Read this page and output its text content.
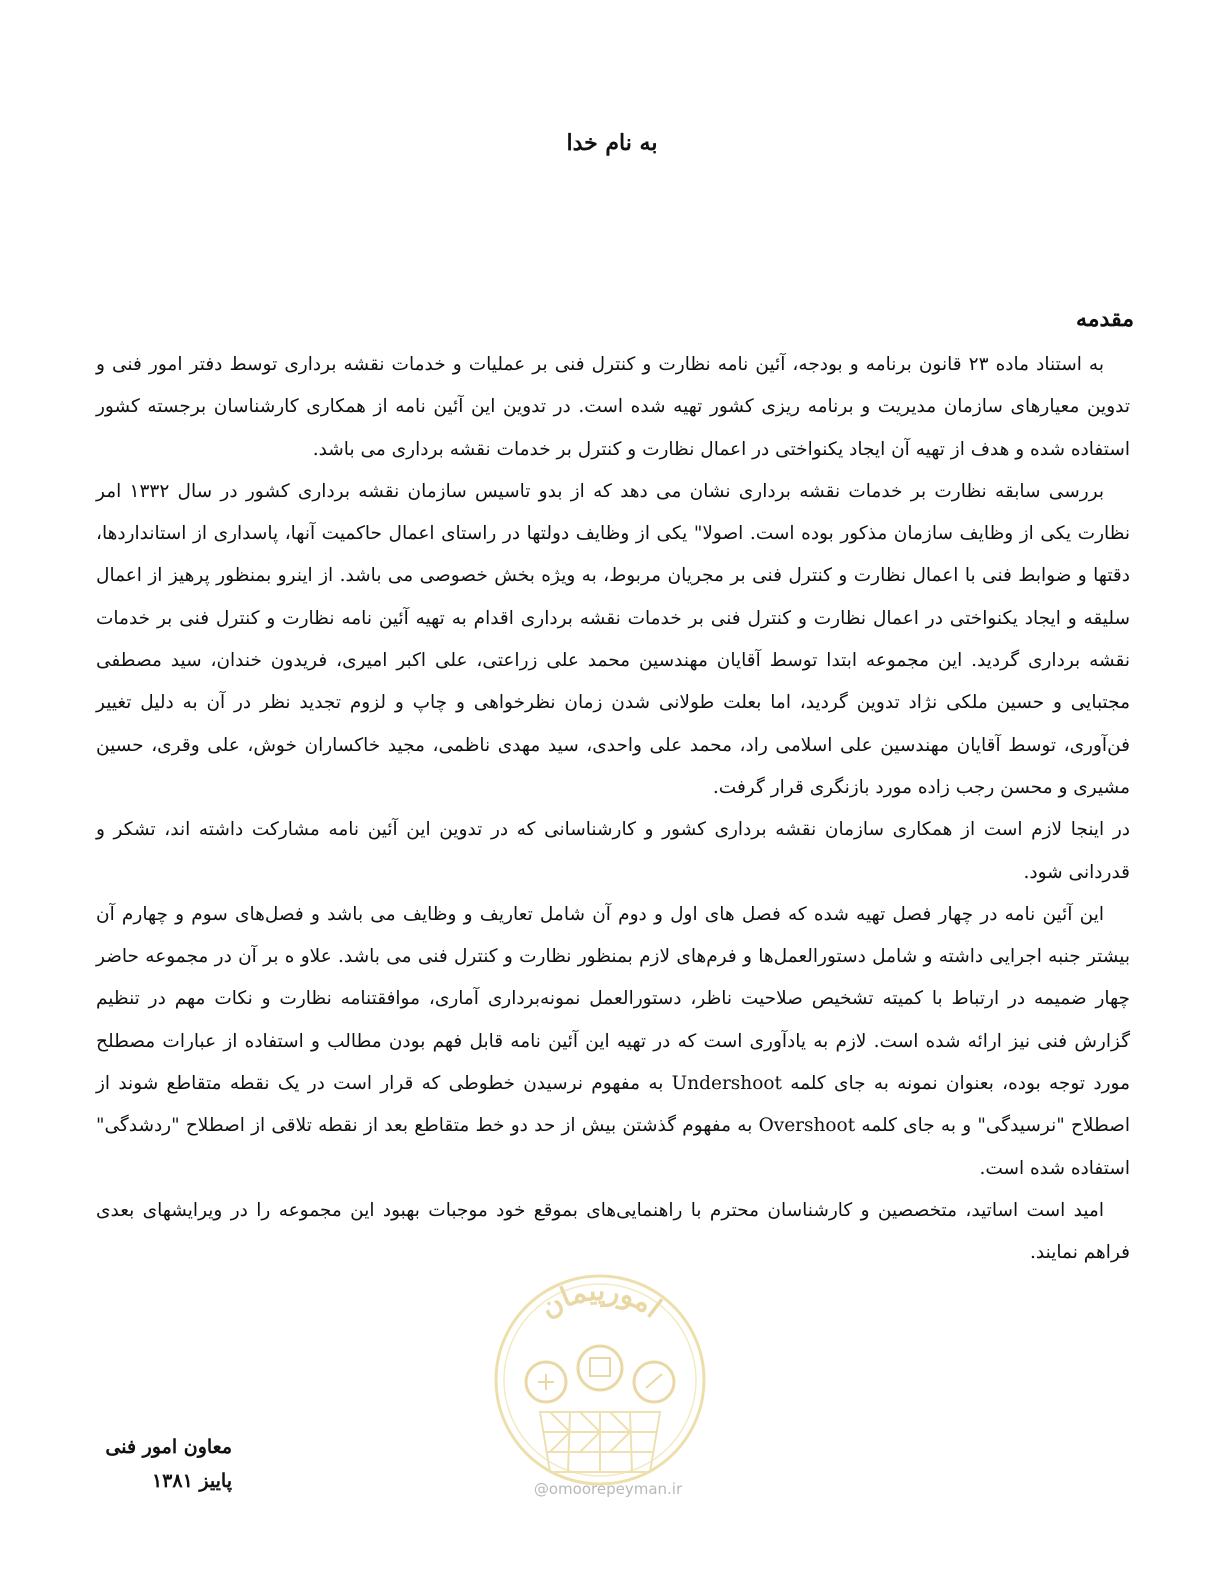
به نام خدا
مقدمه

به استناد ماده ۲۳ قانون برنامه و بودجه، آئین نامه نظارت و کنترل فنی بر عملیات و خدمات نقشه برداری توسط دفتر امور فنی و تدوین معیارهای سازمان مدیریت و برنامه ریزی کشور تهیه شده است. در تدوین این آئین نامه از همکاری کارشناسان برجسته کشور استفاده شده و هدف از تهیه آن ایجاد یکنواختی در اعمال نظارت و کنترل بر خدمات نقشه برداری می باشد.

بررسی سابقه نظارت بر خدمات نقشه برداری نشان می دهد که از بدو تاسیس سازمان نقشه برداری کشور در سال ۱۳۳۲ امر نظارت یکی از وظایف سازمان مذکور بوده است. اصولا" یکی از وظایف دولتها در راستای اعمال حاکمیت آنها، پاسداری از استانداردها، دقتها و ضوابط فنی با اعمال نظارت و کنترل فنی بر مجریان مربوط، به ویژه بخش خصوصی می باشد. از اینرو بمنظور پرهیز از اعمال سلیقه و ایجاد یکنواختی در اعمال نظارت و کنترل فنی بر خدمات نقشه برداری اقدام به تهیه آئین نامه نظارت و کنترل فنی بر خدمات نقشه برداری گردید. این مجموعه ابتدا توسط آقایان مهندسین محمد علی زراعتی، علی اکبر امیری، فریدون خندان، سید مصطفی مجتبایی و حسین ملکی نژاد تدوین گردید، اما بعلت طولانی شدن زمان نظرخواهی و چاپ و لزوم تجدید نظر در آن به دلیل تغییر فن‌آوری، توسط آقایان مهندسین علی اسلامی راد، محمد علی واحدی، سید مهدی ناظمی، مجید خاکساران خوش، علی وقری، حسین مشیری و محسن رجب زاده مورد بازنگری قرار گرفت.

در اینجا لازم است از همکاری سازمان نقشه برداری کشور و کارشناسانی که در تدوین این آئین نامه مشارکت داشته اند، تشکر و قدردانی شود.

این آئین نامه در چهار فصل تهیه شده که فصل های اول و دوم آن شامل تعاریف و وظایف می باشد و فصل‌های سوم و چهارم آن بیشتر جنبه اجرایی داشته و شامل دستورالعمل‌ها و فرم‌های لازم بمنظور نظارت و کنترل فنی می باشد. علاو ه بر آن در مجموعه حاضر چهار ضمیمه در ارتباط با کمیته تشخیص صلاحیت ناظر، دستورالعمل نمونه‌برداری آماری، موافقتنامه نظارت و نکات مهم در تنظیم گزارش فنی نیز ارائه شده است. لازم به یادآوری است که در تهیه این آئین نامه قابل فهم بودن مطالب و استفاده از عبارات مصطلح مورد توجه بوده، بعنوان نمونه به جای کلمه Undershoot به مفهوم نرسیدن خطوطی که قرار است در یک نقطه متقاطع شوند از اصطلاح "نرسیدگی" و به جای کلمه Overshoot به مفهوم گذشتن بیش از حد دو خط متقاطع بعد از نقطه تلاقی از اصطلاح "ردشدگی" استفاده شده است.

امید است اساتید، متخصصین و کارشناسان محترم با راهنمایی‌های بموقع خود موجبات بهبود این مجموعه را در ویرایشهای بعدی فراهم نمایند.

امورپیمان
@omoorepeyman.ir
معاون امور فنی
پاییز ۱۳۸۱
